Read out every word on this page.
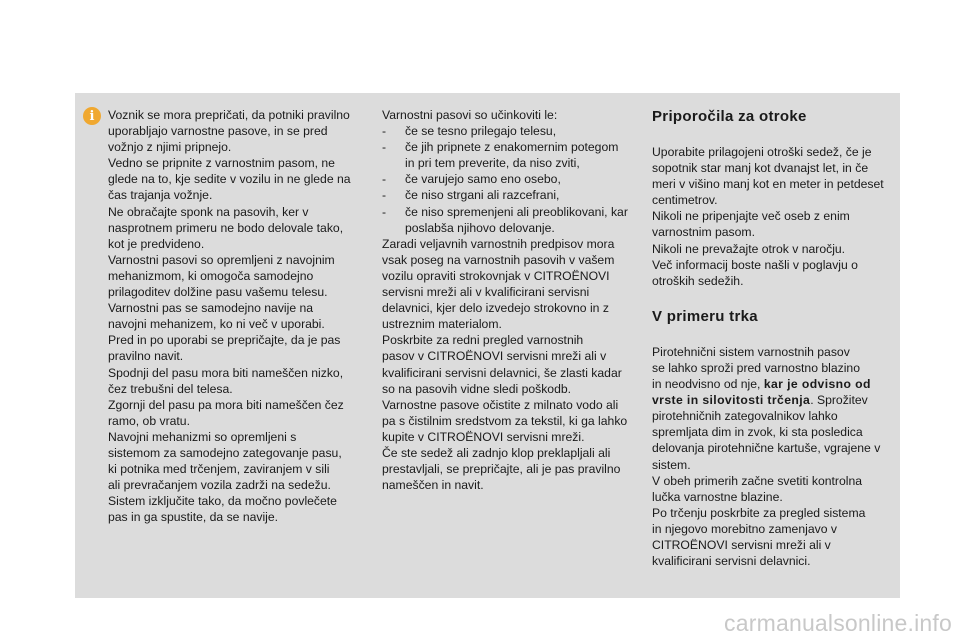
i	Voznik se mora prepričati, da potniki pravilno
uporabljajo varnostne pasove, in se pred
vožnjo z njimi pripnejo.
Vedno se pripnite z varnostnim pasom, ne
glede na to, kje sedite v vozilu in ne glede na
čas trajanja vožnje.
Ne obračajte sponk na pasovih, ker v
nasprotnem primeru ne bodo delovale tako,
kot je predvideno.
Varnostni pasovi so opremljeni z navojnim
mehanizmom, ki omogoča samodejno
prilagoditev dolžine pasu vašemu telesu.
Varnostni pas se samodejno navije na
navojni mehanizem, ko ni več v uporabi.
Pred in po uporabi se prepričajte, da je pas
pravilno navit.
Spodnji del pasu mora biti nameščen nizko,
čez trebušni del telesa.
Zgornji del pasu pa mora biti nameščen čez
ramo, ob vratu.
Navojni mehanizmi so opremljeni s
sistemom za samodejno zategovanje pasu,
ki potnika med trčenjem, zaviranjem v sili
ali prevračanjem vozila zadrži na sedežu.
Sistem izključite tako, da močno povlečete
pas in ga spustite, da se navije.
Varnostni pasovi so učinkoviti le:
- če se tesno prilegajo telesu,
- če jih pripnete z enakomernim potegom
in pri tem preverite, da niso zviti,
- če varujejo samo eno osebo,
- če niso strgani ali razcefrani,
- če niso spremenjeni ali preoblikovani, kar
poslabša njihovo delovanje.
Zaradi veljavnih varnostnih predpisov mora
vsak poseg na varnostnih pasovih v vašem
vozilu opraviti strokovnjak v CITROËNOVI
servisni mreži ali v kvalificirani servisni
delavnici, kjer delo izvedejo strokovno in z
ustreznim materialom.
Poskrbite za redni pregled varnostnih
pasov v CITROËNOVI servisni mreži ali v
kvalificirani servisni delavnici, še zlasti kadar
so na pasovih vidne sledi poškodb.
Varnostne pasove očistite z milnato vodo ali
pa s čistilnim sredstvom za tekstil, ki ga lahko
kupite v CITROËNOVI servisni mreži.
Če ste sedež ali zadnjo klop preklapljali ali
prestavljali, se prepričajte, ali je pas pravilno
nameščen in navit.
Priporočila za otroke
Uporabite prilagojeni otroški sedež, če je
sopotnik star manj kot dvanajst let, in če
meri v višino manj kot en meter in petdeset
centimetrov.
Nikoli ne pripenjajte več oseb z enim
varnostnim pasom.
Nikoli ne prevažajte otrok v naročju.
Več informacij boste našli v poglavju o
otroških sedežih.
V primeru trka
Pirotehnični sistem varnostnih pasov
se lahko sproži pred varnostno blazino
in neodvisno od nje, kar je odvisno od
vrste in silovitosti trčenja. Sprožitev
pirotehničnih zategovalnikov lahko
spremljata dim in zvok, ki sta posledica
delovanja pirotehnične kartuše, vgrajene v
sistem.
V obeh primerih začne svetiti kontrolna
lučka varnostne blazine.
Po trčenju poskrbite za pregled sistema
in njegovo morebitno zamenjavo v
CITROËNOVI servisni mreži ali v
kvalificirani servisni delavnici.
carmanualsonline.info
